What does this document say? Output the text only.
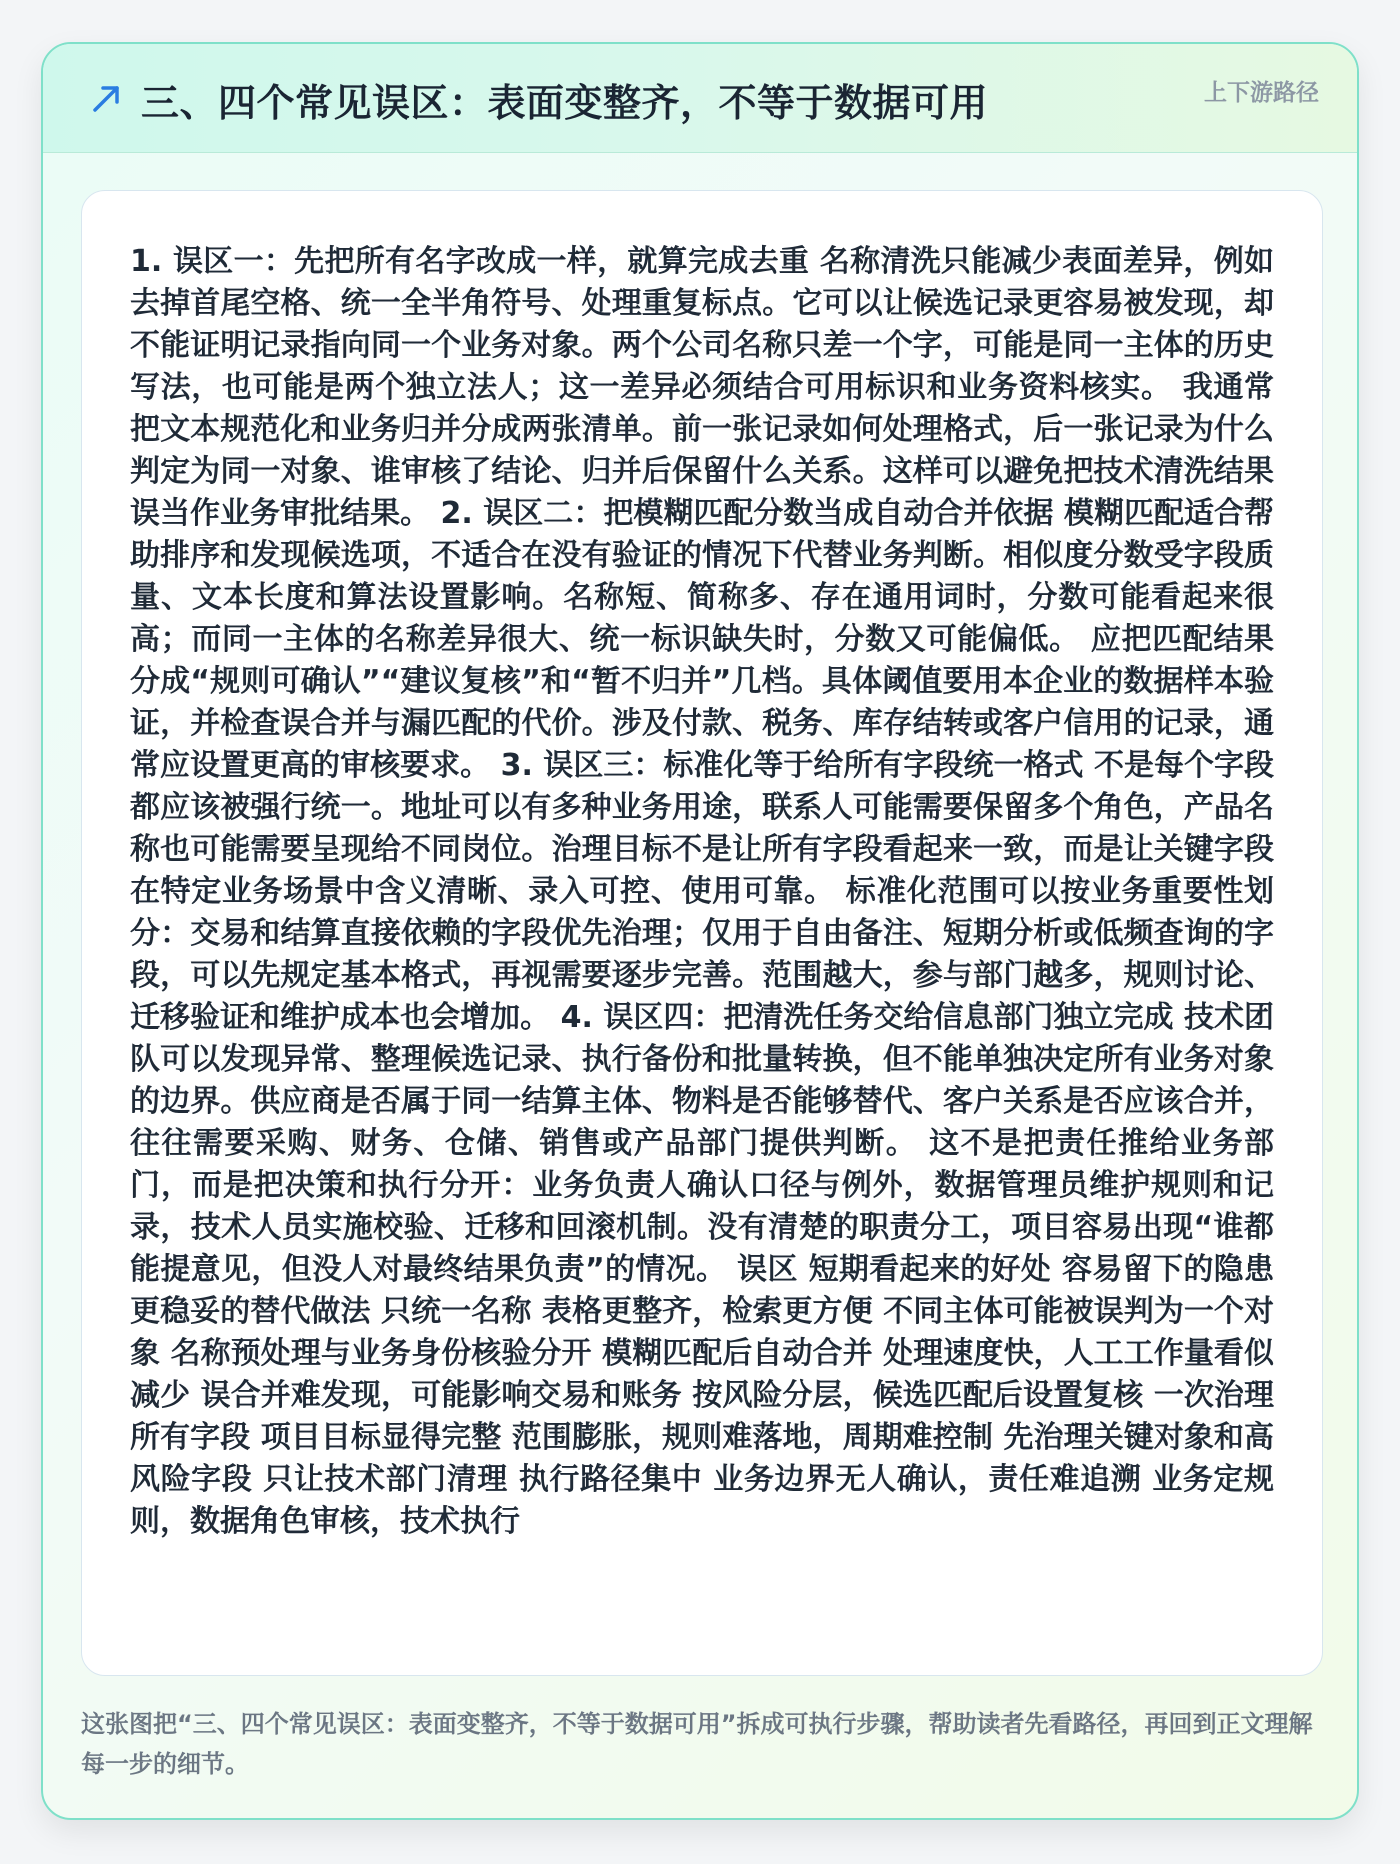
三、四个常见误区：表面变整齐，不等于数据可用	上下游路径

1. 误区一：先把所有名字改成一样，就算完成去重 名称清洗只能减少表面差异，例如去掉首尾空格、统一全半角符号、处理重复标点。它可以让候选记录更容易被发现，却不能证明记录指向同一个业务对象。两个公司名称只差一个字，可能是同一主体的历史写法，也可能是两个独立法人；这一差异必须结合可用标识和业务资料核实。 我通常把文本规范化和业务归并分成两张清单。前一张记录如何处理格式，后一张记录为什么判定为同一对象、谁审核了结论、归并后保留什么关系。这样可以避免把技术清洗结果误当作业务审批结果。 2. 误区二：把模糊匹配分数当成自动合并依据 模糊匹配适合帮助排序和发现候选项，不适合在没有验证的情况下代替业务判断。相似度分数受字段质量、文本长度和算法设置影响。名称短、简称多、存在通用词时，分数可能看起来很高；而同一主体的名称差异很大、统一标识缺失时，分数又可能偏低。 应把匹配结果分成“规则可确认”“建议复核”和“暂不归并”几档。具体阈值要用本企业的数据样本验证，并检查误合并与漏匹配的代价。涉及付款、税务、库存结转或客户信用的记录，通常应设置更高的审核要求。 3. 误区三：标准化等于给所有字段统一格式 不是每个字段都应该被强行统一。地址可以有多种业务用途，联系人可能需要保留多个角色，产品名称也可能需要呈现给不同岗位。治理目标不是让所有字段看起来一致，而是让关键字段在特定业务场景中含义清晰、录入可控、使用可靠。 标准化范围可以按业务重要性划分：交易和结算直接依赖的字段优先治理；仅用于自由备注、短期分析或低频查询的字段，可以先规定基本格式，再视需要逐步完善。范围越大，参与部门越多，规则讨论、迁移验证和维护成本也会增加。 4. 误区四：把清洗任务交给信息部门独立完成 技术团队可以发现异常、整理候选记录、执行备份和批量转换，但不能单独决定所有业务对象的边界。供应商是否属于同一结算主体、物料是否能够替代、客户关系是否应该合并，往往需要采购、财务、仓储、销售或产品部门提供判断。 这不是把责任推给业务部门，而是把决策和执行分开：业务负责人确认口径与例外，数据管理员维护规则和记录，技术人员实施校验、迁移和回滚机制。没有清楚的职责分工，项目容易出现“谁都能提意见，但没人对最终结果负责”的情况。 误区 短期看起来的好处 容易留下的隐患 更稳妥的替代做法 只统一名称 表格更整齐，检索更方便 不同主体可能被误判为一个对象 名称预处理与业务身份核验分开 模糊匹配后自动合并 处理速度快，人工工作量看似减少 误合并难发现，可能影响交易和账务 按风险分层，候选匹配后设置复核 一次治理所有字段 项目目标显得完整 范围膨胀，规则难落地，周期难控制 先治理关键对象和高风险字段 只让技术部门清理 执行路径集中 业务边界无人确认，责任难追溯 业务定规则，数据角色审核，技术执行

这张图把“三、四个常见误区：表面变整齐，不等于数据可用”拆成可执行步骤，帮助读者先看路径，再回到正文理解每一步的细节。
